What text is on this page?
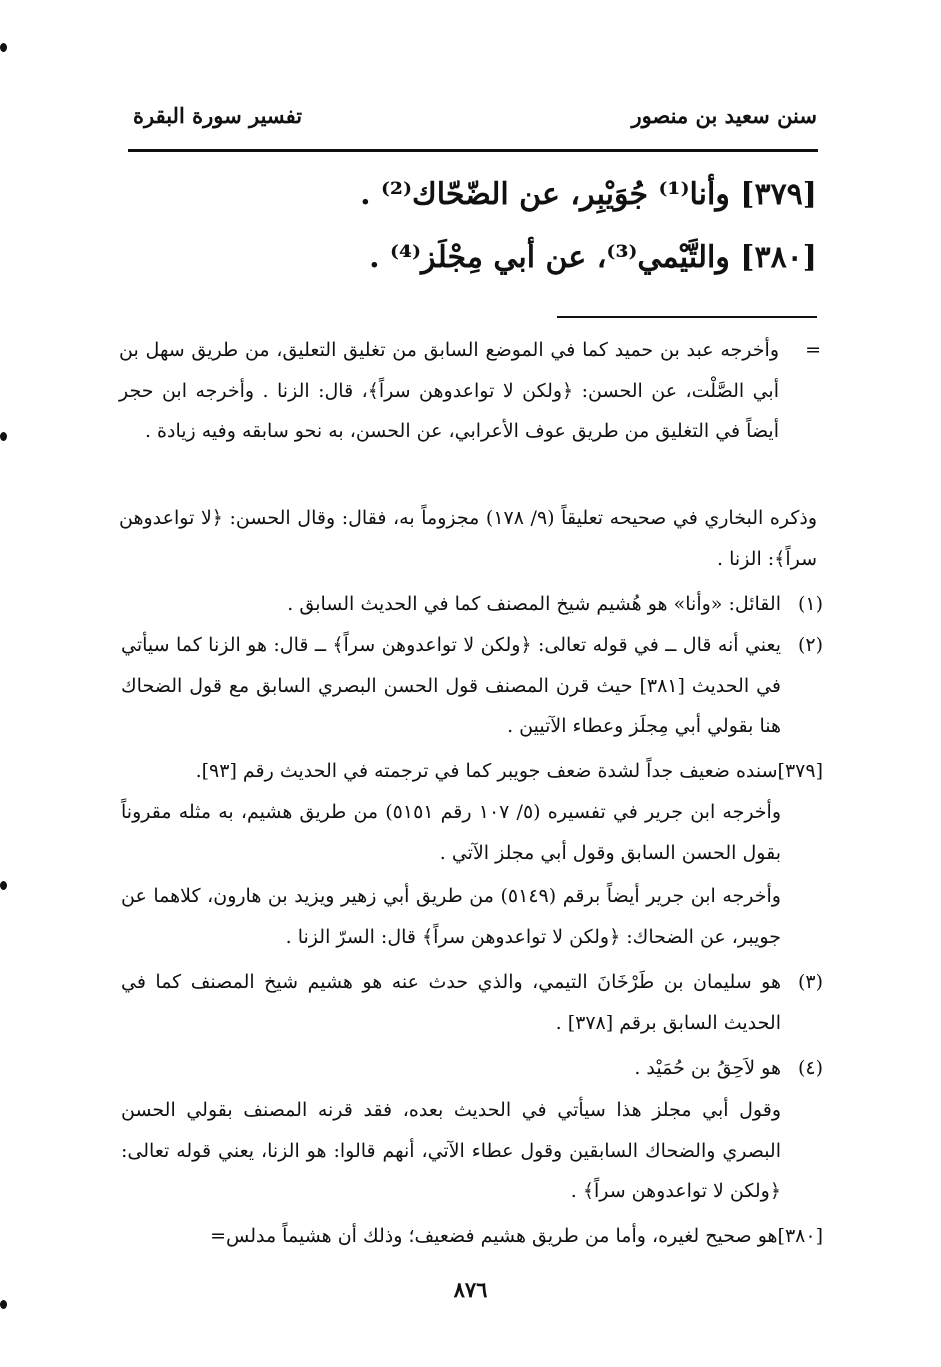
سنن سعيد بن منصور
تفسير سورة البقرة
[٣٧٩] وأنا⁽¹⁾ جُوَيْبِر، عن الضّحّاك⁽²⁾ .
[٣٨٠] والتَّيْمي⁽³⁾، عن أبي مِجْلَز⁽⁴⁾ .
=
وأخرجه عبد بن حميد كما في الموضع السابق من تغليق التعليق، من طريق سهل بن أبي الصَّلْت، عن الحسن: ﴿ولكن لا تواعدوهن سراً﴾، قال: الزنا . وأخرجه ابن حجر أيضاً في التغليق من طريق عوف الأعرابي، عن الحسن، به نحو سابقه وفيه زيادة .
وذكره البخاري في صحيحه تعليقاً (٩/ ١٧٨) مجزوماً به، فقال: وقال الحسن: ﴿لا تواعدوهن سراً﴾: الزنا .
(١)
القائل: «وأنا» هو هُشيم شيخ المصنف كما في الحديث السابق .
(٢)
يعني أنه قال ــ في قوله تعالى: ﴿ولكن لا تواعدوهن سراً﴾ ــ قال: هو الزنا كما سيأتي في الحديث [٣٨١] حيث قرن المصنف قول الحسن البصري السابق مع قول الضحاك هنا بقولي أبي مِجلَز وعطاء الآتيين .
[٣٧٩]سنده ضعيف جداً لشدة ضعف جويبر كما في ترجمته في الحديث رقم [٩٣].
وأخرجه ابن جرير في تفسيره (٥/ ١٠٧ رقم ٥١٥١) من طريق هشيم، به مثله مقروناً بقول الحسن السابق وقول أبي مجلز الآتي .
وأخرجه ابن جرير أيضاً برقم (٥١٤٩) من طريق أبي زهير ويزيد بن هارون، كلاهما عن جويبر، عن الضحاك: ﴿ولكن لا تواعدوهن سراً﴾ قال: السرّ الزنا .
(٣)
هو سليمان بن طَرْخَانَ التيمي، والذي حدث عنه هو هشيم شيخ المصنف كما في الحديث السابق برقم [٣٧٨] .
(٤)
هو لاَحِقُ بن حُمَيْد .
وقول أبي مجلز هذا سيأتي في الحديث بعده، فقد قرنه المصنف بقولي الحسن البصري والضحاك السابقين وقول عطاء الآتي، أنهم قالوا: هو الزنا، يعني قوله تعالى: ﴿ولكن لا تواعدوهن سراً﴾ .
[٣٨٠]هو صحيح لغيره، وأما من طريق هشيم فضعيف؛ وذلك أن هشيماً مدلس=
٨٧٦
